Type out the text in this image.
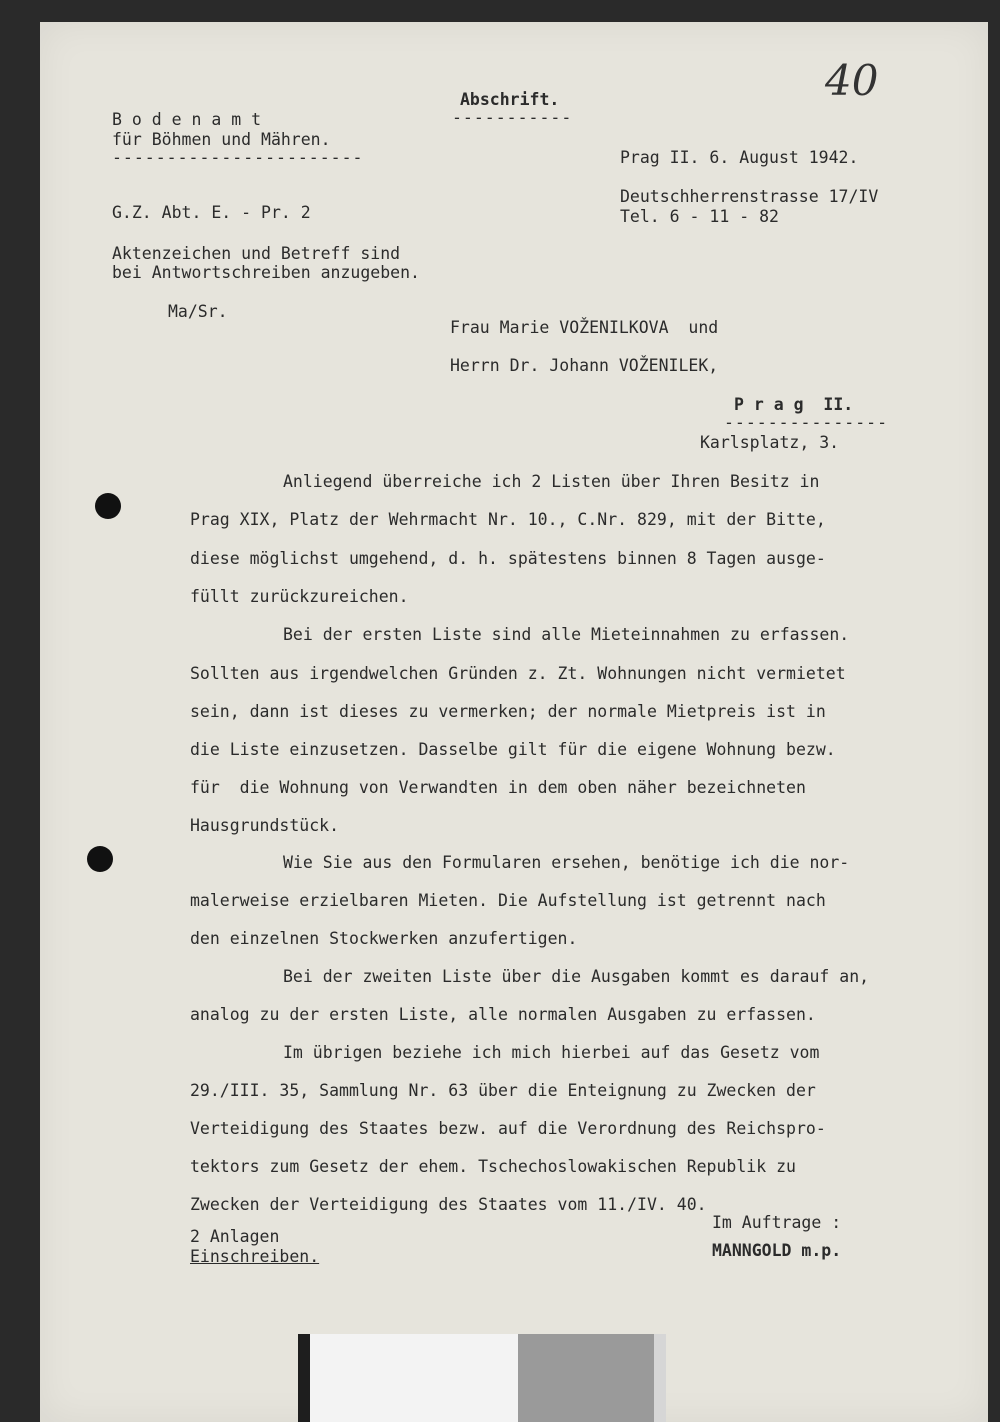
40
Abschrift.
-----------
B o d e n a m t
für Böhmen und Mähren.
-----------------------	Prag II. 6. August 1942.
Deutschherrenstrasse 17/IV
Tel. 6 - 11 - 82
G.Z. Abt. E. - Pr. 2
Aktenzeichen und Betreff sind
bei Antwortschreiben anzugeben.
Ma/Sr.
Frau Marie VOŽENILKOVA  und
Herrn Dr. Johann VOŽENILEK,
P r a g  II.
---------------
Karlsplatz, 3.
Anliegend überreiche ich 2 Listen über Ihren Besitz in
Prag XIX, Platz der Wehrmacht Nr. 10., C.Nr. 829, mit der Bitte,
diese möglichst umgehend, d. h. spätestens binnen 8 Tagen ausge-
füllt zurückzureichen.
Bei der ersten Liste sind alle Mieteinnahmen zu erfassen.
Sollten aus irgendwelchen Gründen z. Zt. Wohnungen nicht vermietet
sein, dann ist dieses zu vermerken; der normale Mietpreis ist in
die Liste einzusetzen. Dasselbe gilt für die eigene Wohnung bezw.
für  die Wohnung von Verwandten in dem oben näher bezeichneten
Hausgrundstück.
Wie Sie aus den Formularen ersehen, benötige ich die nor-
malerweise erzielbaren Mieten. Die Aufstellung ist getrennt nach
den einzelnen Stockwerken anzufertigen.
Bei der zweiten Liste über die Ausgaben kommt es darauf an,
analog zu der ersten Liste, alle normalen Ausgaben zu erfassen.
Im übrigen beziehe ich mich hierbei auf das Gesetz vom
29./III. 35, Sammlung Nr. 63 über die Enteignung zu Zwecken der
Verteidigung des Staates bezw. auf die Verordnung des Reichspro-
tektors zum Gesetz der ehem. Tschechoslowakischen Republik zu
Zwecken der Verteidigung des Staates vom 11./IV. 40.
Im Auftrage :
MANNGOLD m.p.
2 Anlagen
Einschreiben.
